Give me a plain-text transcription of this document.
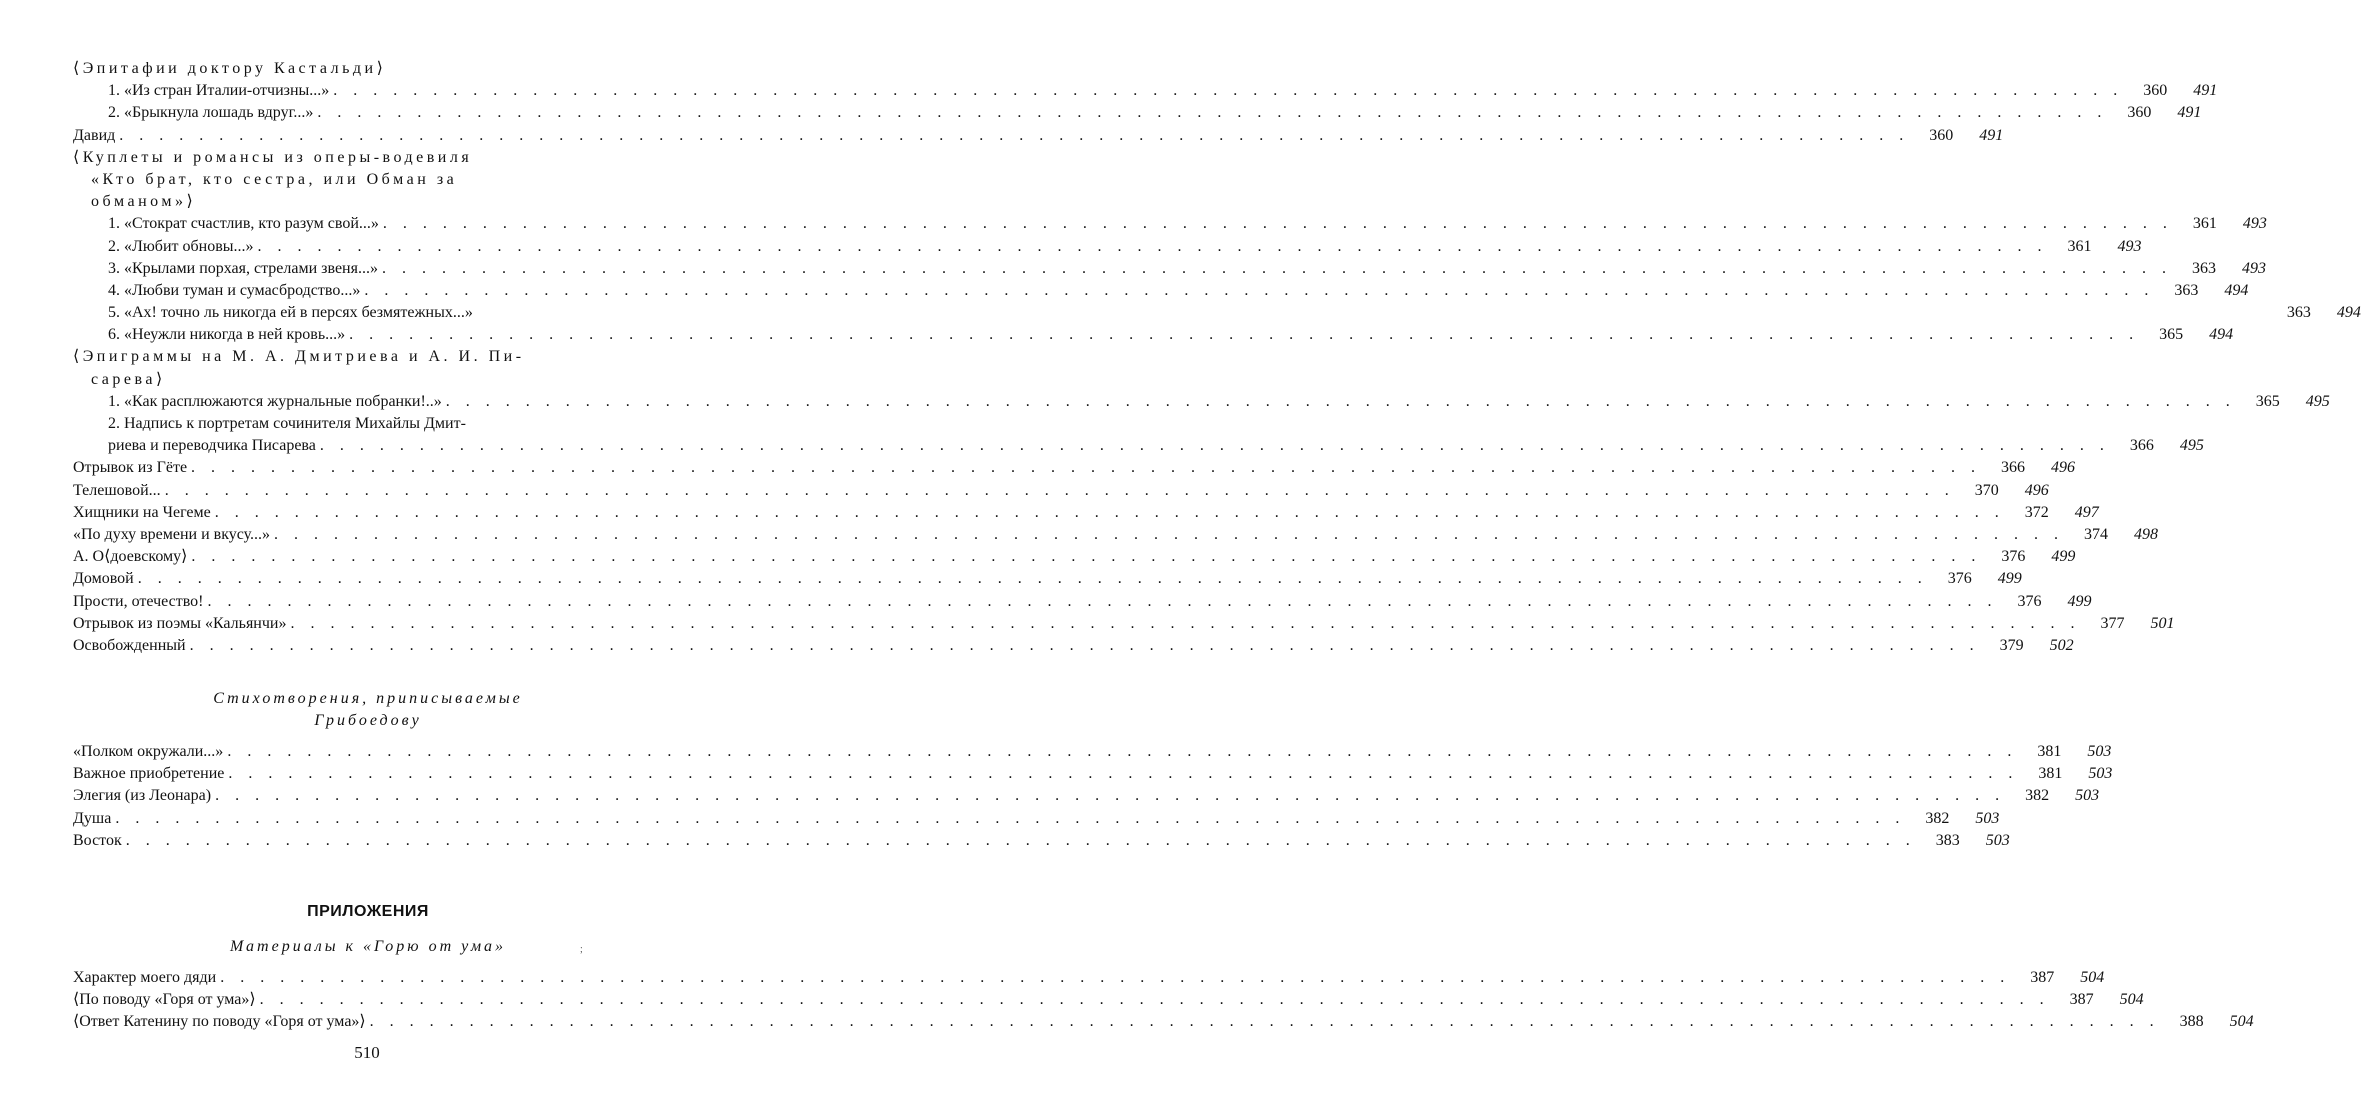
⟨Эпитафии доктору Кастальди⟩
1. «Из стран Италии-отчизны...» . . .	360	491
2. «Брыкнула лошадь вдруг...» . . .	360	491
Давид . . .	360	491
⟨Куплеты и романсы из оперы-водевиля
«Кто брат, кто сестра, или Обман за
обманом»⟩
1. «Стократ счастлив, кто разум свой...» . . .	361	493
2. «Любит обновы...» . . .	361	493
3. «Крылами порхая, стрелами звеня...» . . .	363	493
4. «Любви туман и сумасбродство...» . . .	363	494
5. «Ах! точно ль никогда ей в персях безмятежных...»	363	494
6. «Неужли никогда в ней кровь...» . . .	365	494
⟨Эпиграммы на М. А. Дмитриева и А. И. Пи-
сарева⟩
1. «Как расплюжаются журнальные побранки!..» . . .	365	495
2. Надпись к портретам сочинителя Михайлы Дмит-
риева и переводчика Писарева . . .	366	495
Отрывок из Гёте . . .	366	496
Телешовой... . . .	370	496
Хищники на Чегеме . . .	372	497
«По духу времени и вкусу...» . . .	374	498
А. О⟨доевскому⟩ . . .	376	499
Домовой . . .	376	499
Прости, отечество! . . .	376	499
Отрывок из поэмы «Кальянчи» . . .	377	501
Освобожденный . . .	379	502
Стихотворения, приписываемые
Грибоедову
«Полком окружали...» . . .	381	503
Важное приобретение . . .	381	503
Элегия (из Леонара) . . .	382	503
Душа . . .	382	503
Восток . . .	383	503
ПРИЛОЖЕНИЯ
Материалы к «Горю от ума»	;
Характер моего дяди . . .	387	504
⟨По поводу «Горя от ума»⟩ . . .	387	504
⟨Ответ Катенину по поводу «Горя от ума»⟩ . . .	388	504
510
